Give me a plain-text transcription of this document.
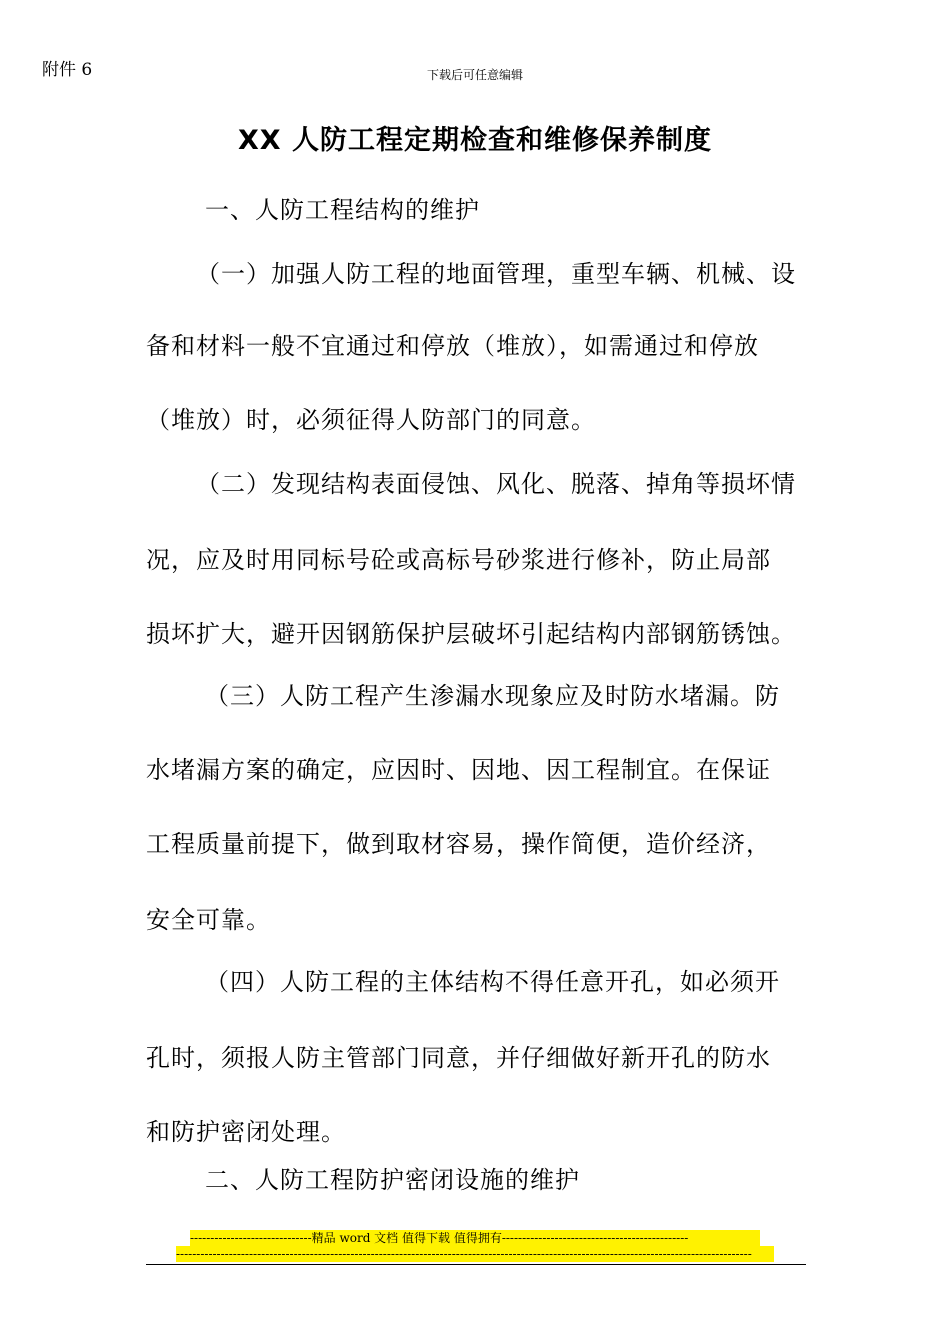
附件 6	下载后可任意编辑
XX 人防工程定期检查和维修保养制度
一、人防工程结构的维护
（一）加强人防工程的地面管理，重型车辆、机械、设
备和材料一般不宜通过和停放（堆放），如需通过和停放
（堆放）时，必须征得人防部门的同意。
（二）发现结构表面侵蚀、风化、脱落、掉角等损坏情
况，应及时用同标号砼或高标号砂浆进行修补，防止局部
损坏扩大，避开因钢筋保护层破坏引起结构内部钢筋锈蚀。
（三）人防工程产生渗漏水现象应及时防水堵漏。防
水堵漏方案的确定，应因时、因地、因工程制宜。在保证
工程质量前提下，做到取材容易，操作简便，造价经济，
安全可靠。
（四）人防工程的主体结构不得任意开孔，如必须开
孔时，须报人防主管部门同意，并仔细做好新开孔的防水
和防护密闭处理。
二、人防工程防护密闭设施的维护
------------------------------精品 word 文档 值得下载 值得拥有----------------------------------------------
----------------------------------------------------------------------------------------------------------------------------------------------
